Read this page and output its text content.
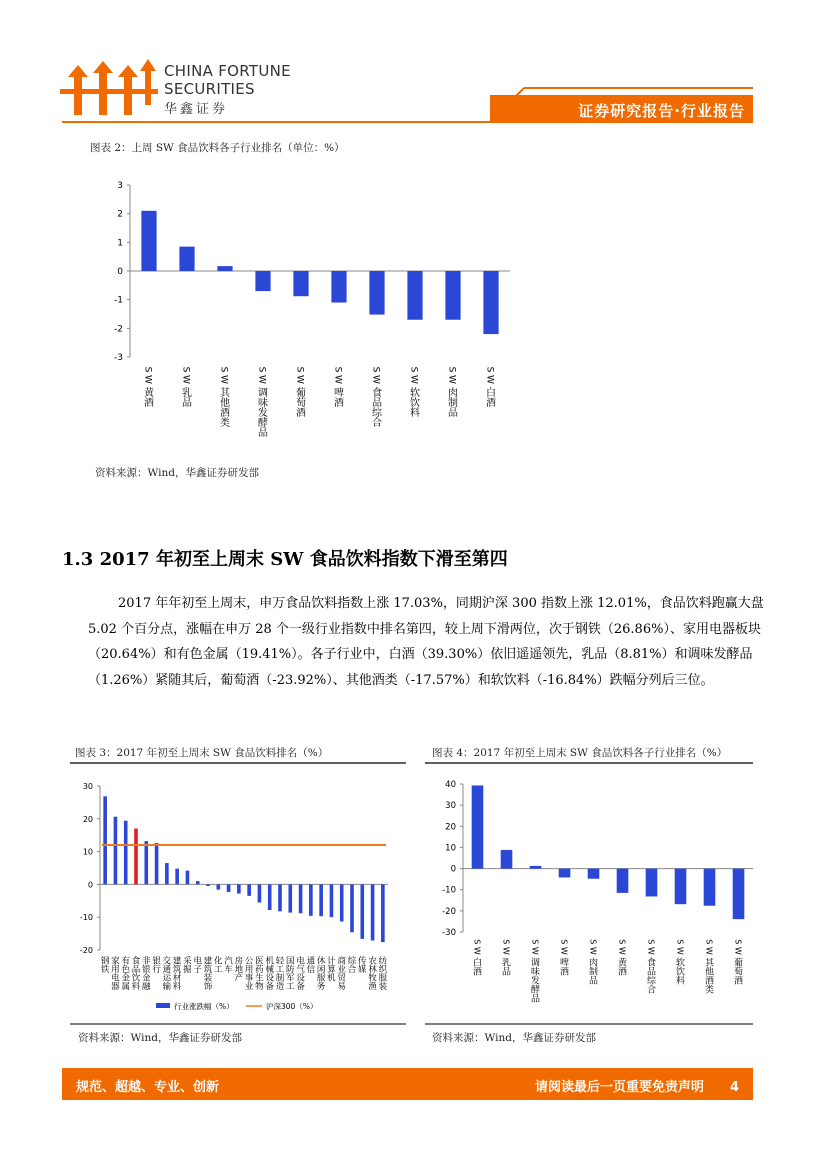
CHINA FORTUNE
SECURITIES
华鑫证券	证券研究报告·行业报告
图表 2：上周 SW 食品饮料各子行业排名（单位：%）
-3
-2
-1
0
1
2
3
S
W
黄
酒
S
W
乳
品
S
W
其
他
酒
类
S
W
调
味
发
酵
品
S
W
葡
萄
酒
S
W
啤
酒
S
W
食
品
综
合
S
W
软
饮
料
S
W
肉
制
品
S
W
白
酒
资料来源：Wind，华鑫证券研发部
1.3 2017 年初至上周末 SW 食品饮料指数下滑至第四
2017 年年初至上周末，申万食品饮料指数上涨 17.03%，同期沪深 300 指数上涨 12.01%，食品饮料跑赢大盘 5.02 个百分点，涨幅在申万 28 个一级行业指数中排名第四，较上周下滑两位，次于钢铁（26.86%）、家用电器板块（20.64%）和有色金属（19.41%）。各子行业中，白酒（39.30%）依旧遥遥领先，乳品（8.81%）和调味发酵品（1.26%）紧随其后，葡萄酒（-23.92%）、其他酒类（-17.57%）和软饮料（-16.84%）跌幅分列后三位。
图表 3：2017 年初至上周末 SW 食品饮料排名（%）
-20
-10
0
10
20
30
钢
铁
家
用
电
器
有
色
金
属
食
品
饮
料
非
银
金
融
银
行
交
通
运
输
建
筑
材
料
采
掘
电
子
建
筑
装
饰
化
工
汽
车
房
地
产
公
用
事
业
医
药
生
物
机
械
设
备
轻
工
制
造
国
防
军
工
电
气
设
备
通
信
休
闲
服
务
计
算
机
商
业
贸
易
综
合
传
媒
农
林
牧
渔
纺
织
服
装
行业涨跌幅（%）	沪深300（%）
资料来源：Wind，华鑫证券研发部
图表 4：2017 年初至上周末 SW 食品饮料各子行业排名（%）
-30
-20
-10
0
10
20
30
40
S
W
白
酒
S
W
乳
品
S
W
调
味
发
酵
品
S
W
啤
酒
S
W
肉
制
品
S
W
黄
酒
S
W
食
品
综
合
S
W
软
饮
料
S
W
其
他
酒
类
S
W
葡
萄
酒
资料来源：Wind，华鑫证券研发部
规范、超越、专业、创新	请阅读最后一页重要免责声明 4
